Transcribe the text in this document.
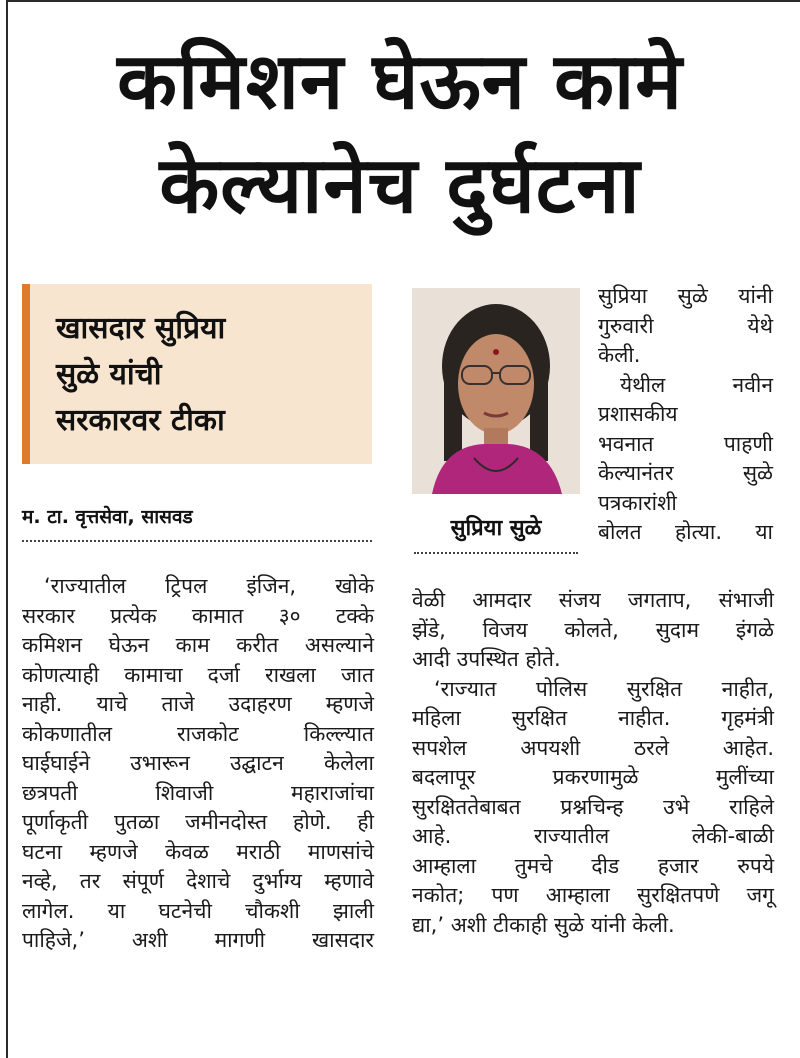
कमिशन घेऊन कामे
केल्यानेच दुर्घटना
खासदार सुप्रिया
सुळे यांची
सरकारवर टीका
म. टा. वृत्तसेवा, सासवड	सुप्रिया सुळे
‘राज्यातील ट्रिपल इंजिन, खोके
सरकार प्रत्येक कामात ३० टक्के
कमिशन घेऊन काम करीत असल्याने
कोणत्याही कामाचा दर्जा राखला जात
नाही. याचे ताजे उदाहरण म्हणजे
कोकणातील राजकोट किल्ल्यात
घाईघाईने उभारून उद्घाटन केलेला
छत्रपती शिवाजी महाराजांचा
पूर्णाकृती पुतळा जमीनदोस्त होणे. ही
घटना म्हणजे केवळ मराठी माणसांचे
नव्हे, तर संपूर्ण देशाचे दुर्भाग्य म्हणावे
लागेल. या घटनेची चौकशी झाली
पाहिजे,’ अशी मागणी खासदार
सुप्रिया सुळे यांनी
गुरुवारी येथे
केली.
येथील नवीन
प्रशासकीय
भवनात पाहणी
केल्यानंतर सुळे
पत्रकारांशी
बोलत होत्या. या
वेळी आमदार संजय जगताप, संभाजी
झेंडे, विजय कोलते, सुदाम इंगळे
आदी उपस्थित होते.
‘राज्यात पोलिस सुरक्षित नाहीत,
महिला सुरक्षित नाहीत. गृहमंत्री
सपशेल अपयशी ठरले आहेत.
बदलापूर प्रकरणामुळे मुलींच्या
सुरक्षिततेबाबत प्रश्नचिन्ह उभे राहिले
आहे. राज्यातील लेकी-बाळी
आम्हाला तुमचे दीड हजार रुपये
नकोत; पण आम्हाला सुरक्षितपणे जगू
द्या,’ अशी टीकाही सुळे यांनी केली.
